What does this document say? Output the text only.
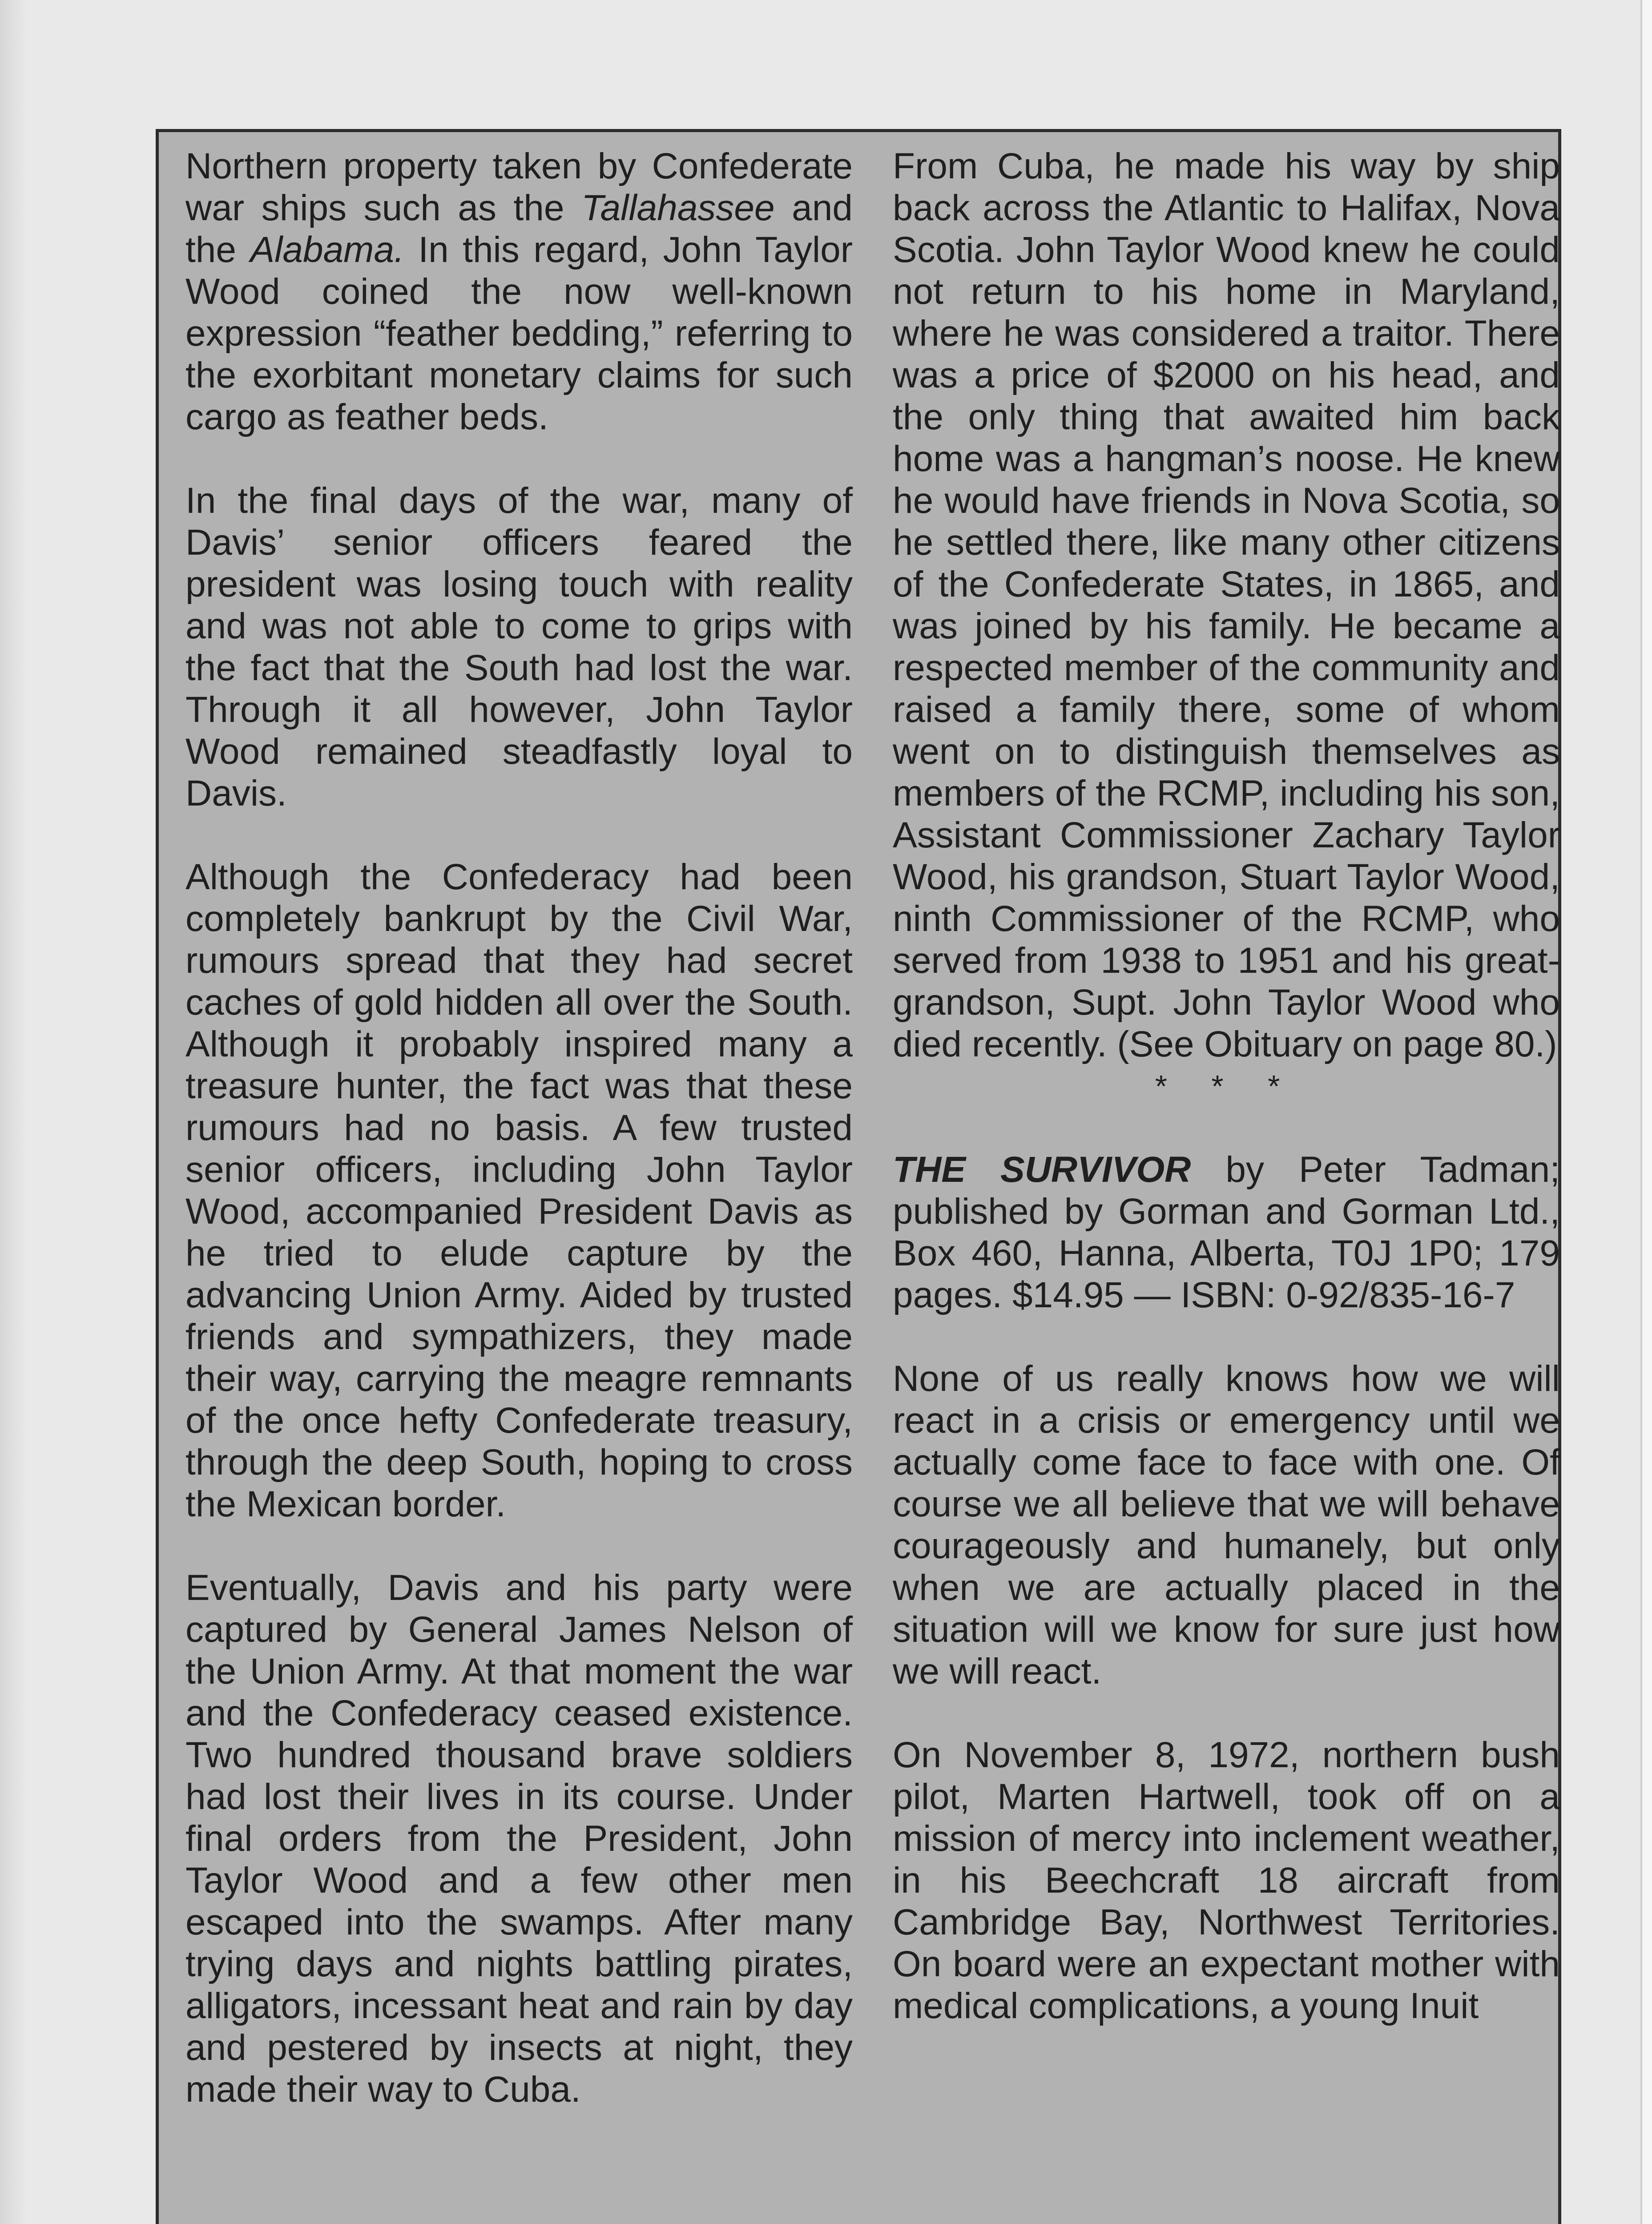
Northern property taken by Confederate war ships such as the Tallahassee and the Alabama. In this regard, John Taylor Wood coined the now well-known expression “feather bedding,” referring to the exorbitant monetary claims for such cargo as feather beds.

In the final days of the war, many of Davis’ senior officers feared the president was losing touch with reality and was not able to come to grips with the fact that the South had lost the war. Through it all however, John Taylor Wood remained steadfastly loyal to Davis.

Although the Confederacy had been completely bankrupt by the Civil War, rumours spread that they had secret caches of gold hidden all over the South. Although it probably inspired many a treasure hunter, the fact was that these rumours had no basis. A few trusted senior officers, including John Taylor Wood, accompanied President Davis as he tried to elude capture by the advancing Union Army. Aided by trusted friends and sympathizers, they made their way, carrying the meagre remnants of the once hefty Confederate treasury, through the deep South, hoping to cross the Mexican border.

Eventually, Davis and his party were captured by General James Nelson of the Union Army. At that moment the war and the Confederacy ceased existence. Two hundred thousand brave soldiers had lost their lives in its course. Under final orders from the President, John Taylor Wood and a few other men escaped into the swamps. After many trying days and nights battling pirates, alligators, incessant heat and rain by day and pestered by insects at night, they made their way to Cuba.

From Cuba, he made his way by ship back across the Atlantic to Halifax, Nova Scotia. John Taylor Wood knew he could not return to his home in Maryland, where he was considered a traitor. There was a price of $2000 on his head, and the only thing that awaited him back home was a hangman’s noose. He knew he would have friends in Nova Scotia, so he settled there, like many other citizens of the Confederate States, in 1865, and was joined by his family. He became a respected member of the community and raised a family there, some of whom went on to distinguish themselves as members of the RCMP, including his son, Assistant Commissioner Zachary Taylor Wood, his grandson, Stuart Taylor Wood, ninth Commissioner of the RCMP, who served from 1938 to 1951 and his great-grandson, Supt. John Taylor Wood who died recently. (See Obituary on page 80.)

* * *

THE SURVIVOR by Peter Tadman; published by Gorman and Gorman Ltd., Box 460, Hanna, Alberta, T0J 1P0; 179 pages. $14.95 — ISBN: 0-92/835-16-7

None of us really knows how we will react in a crisis or emergency until we actually come face to face with one. Of course we all believe that we will behave courageously and humanely, but only when we are actually placed in the situation will we know for sure just how we will react.

On November 8, 1972, northern bush pilot, Marten Hartwell, took off on a mission of mercy into inclement weather, in his Beechcraft 18 aircraft from Cambridge Bay, Northwest Territories. On board were an expectant mother with medical complications, a young Inuit
